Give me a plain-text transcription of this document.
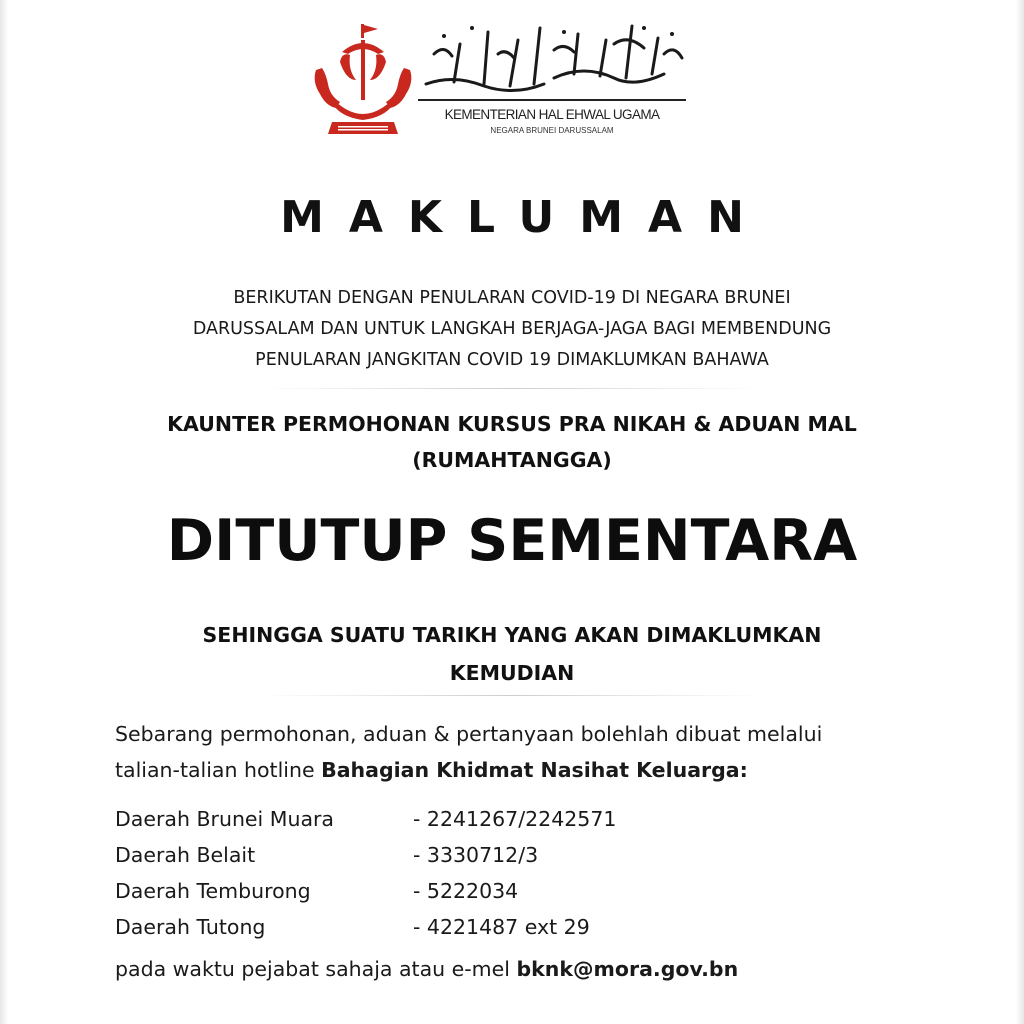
KEMENTERIAN HAL EHWAL UGAMA
NEGARA BRUNEI DARUSSALAM
MAKLUMAN
BERIKUTAN DENGAN PENULARAN COVID-19 DI NEGARA BRUNEI
DARUSSALAM DAN UNTUK LANGKAH BERJAGA-JAGA BAGI MEMBENDUNG
PENULARAN JANGKITAN COVID 19 DIMAKLUMKAN BAHAWA
KAUNTER PERMOHONAN KURSUS PRA NIKAH & ADUAN MAL
(RUMAHTANGGA)
DITUTUP SEMENTARA
SEHINGGA SUATU TARIKH YANG AKAN DIMAKLUMKAN
KEMUDIAN
Sebarang permohonan, aduan & pertanyaan bolehlah dibuat melalui
talian-talian hotline Bahagian Khidmat Nasihat Keluarga:
Daerah Brunei Muara	- 2241267/2242571
Daerah Belait	- 3330712/3
Daerah Temburong	- 5222034
Daerah Tutong	- 4221487 ext 29
pada waktu pejabat sahaja atau e-mel bknk@mora.gov.bn
